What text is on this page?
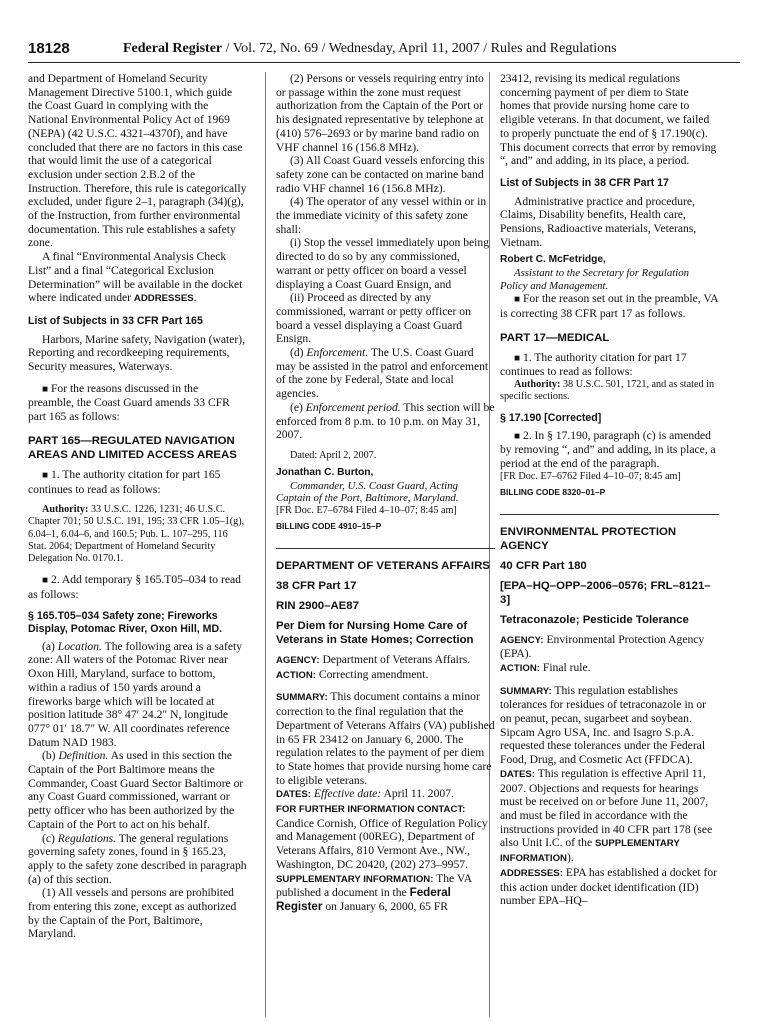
18128	Federal Register / Vol. 72, No. 69 / Wednesday, April 11, 2007 / Rules and Regulations

and Department of Homeland Security Management Directive 5100.1, which guide the Coast Guard in complying with the National Environmental Policy Act of 1969 (NEPA) (42 U.S.C. 4321–4370f), and have concluded that there are no factors in this case that would limit the use of a categorical exclusion under section 2.B.2 of the Instruction. Therefore, this rule is categorically excluded, under figure 2–1, paragraph (34)(g), of the Instruction, from further environmental documentation. This rule establishes a safety zone.

A final “Environmental Analysis Check List” and a final “Categorical Exclusion Determination” will be available in the docket where indicated under ADDRESSES.

List of Subjects in 33 CFR Part 165

Harbors, Marine safety, Navigation (water), Reporting and recordkeeping requirements, Security measures, Waterways.

■ For the reasons discussed in the preamble, the Coast Guard amends 33 CFR part 165 as follows:

PART 165—REGULATED NAVIGATION AREAS AND LIMITED ACCESS AREAS

■ 1. The authority citation for part 165 continues to read as follows:

Authority: 33 U.S.C. 1226, 1231; 46 U.S.C. Chapter 701; 50 U.S.C. 191, 195; 33 CFR 1.05–1(g), 6.04–1, 6.04–6, and 160.5; Pub. L. 107–295, 116 Stat. 2064; Department of Homeland Security Delegation No. 0170.1.

■ 2. Add temporary § 165.T05–034 to read as follows:

§ 165.T05–034 Safety zone; Fireworks Display, Potomac River, Oxon Hill, MD.

(a) Location. The following area is a safety zone: All waters of the Potomac River near Oxon Hill, Maryland, surface to bottom, within a radius of 150 yards around a fireworks barge which will be located at position latitude 38° 47′ 24.2″ N, longitude 077° 01′ 18.7″ W. All coordinates reference Datum NAD 1983.

(b) Definition. As used in this section the Captain of the Port Baltimore means the Commander, Coast Guard Sector Baltimore or any Coast Guard commissioned, warrant or petty officer who has been authorized by the Captain of the Port to act on his behalf.

(c) Regulations. The general regulations governing safety zones, found in § 165.23, apply to the safety zone described in paragraph (a) of this section.

(1) All vessels and persons are prohibited from entering this zone, except as authorized by the Captain of the Port, Baltimore, Maryland.

(2) Persons or vessels requiring entry into or passage within the zone must request authorization from the Captain of the Port or his designated representative by telephone at (410) 576–2693 or by marine band radio on VHF channel 16 (156.8 MHz).

(3) All Coast Guard vessels enforcing this safety zone can be contacted on marine band radio VHF channel 16 (156.8 MHz).

(4) The operator of any vessel within or in the immediate vicinity of this safety zone shall:

(i) Stop the vessel immediately upon being directed to do so by any commissioned, warrant or petty officer on board a vessel displaying a Coast Guard Ensign, and

(ii) Proceed as directed by any commissioned, warrant or petty officer on board a vessel displaying a Coast Guard Ensign.

(d) Enforcement. The U.S. Coast Guard may be assisted in the patrol and enforcement of the zone by Federal, State and local agencies.

(e) Enforcement period. This section will be enforced from 8 p.m. to 10 p.m. on May 31, 2007.

Dated: April 2, 2007.

Jonathan C. Burton,

Commander, U.S. Coast Guard, Acting Captain of the Port, Baltimore, Maryland.

[FR Doc. E7–6784 Filed 4–10–07; 8:45 am]

BILLING CODE 4910–15–P

DEPARTMENT OF VETERANS AFFAIRS

38 CFR Part 17

RIN 2900–AE87

Per Diem for Nursing Home Care of Veterans in State Homes; Correction

AGENCY: Department of Veterans Affairs.

ACTION: Correcting amendment.

SUMMARY: This document contains a minor correction to the final regulation that the Department of Veterans Affairs (VA) published in 65 FR 23412 on January 6, 2000. The regulation relates to the payment of per diem to State homes that provide nursing home care to eligible veterans.

DATES: Effective date: April 11. 2007.

FOR FURTHER INFORMATION CONTACT: Candice Cornish, Office of Regulation Policy and Management (00REG), Department of Veterans Affairs, 810 Vermont Ave., NW., Washington, DC 20420, (202) 273–9957.

SUPPLEMENTARY INFORMATION: The VA published a document in the Federal Register on January 6, 2000, 65 FR

23412, revising its medical regulations concerning payment of per diem to State homes that provide nursing home care to eligible veterans. In that document, we failed to properly punctuate the end of § 17.190(c). This document corrects that error by removing “, and” and adding, in its place, a period.

List of Subjects in 38 CFR Part 17

Administrative practice and procedure, Claims, Disability benefits, Health care, Pensions, Radioactive materials, Veterans, Vietnam.

Robert C. McFetridge,

Assistant to the Secretary for Regulation Policy and Management.

■ For the reason set out in the preamble, VA is correcting 38 CFR part 17 as follows.

PART 17—MEDICAL

■ 1. The authority citation for part 17 continues to read as follows:

Authority: 38 U.S.C. 501, 1721, and as stated in specific sections.

§ 17.190 [Corrected]

■ 2. In § 17.190, paragraph (c) is amended by removing “, and” and adding, in its place, a period at the end of the paragraph.

[FR Doc. E7–6762 Filed 4–10–07; 8:45 am]

BILLING CODE 8320–01–P

ENVIRONMENTAL PROTECTION AGENCY

40 CFR Part 180

[EPA–HQ–OPP–2006–0576; FRL–8121–3]

Tetraconazole; Pesticide Tolerance

AGENCY: Environmental Protection Agency (EPA).

ACTION: Final rule.

SUMMARY: This regulation establishes tolerances for residues of tetraconazole in or on peanut, pecan, sugarbeet and soybean. Sipcam Agro USA, Inc. and Isagro S.p.A. requested these tolerances under the Federal Food, Drug, and Cosmetic Act (FFDCA).

DATES: This regulation is effective April 11, 2007. Objections and requests for hearings must be received on or before June 11, 2007, and must be filed in accordance with the instructions provided in 40 CFR part 178 (see also Unit I.C. of the SUPPLEMENTARY INFORMATION).

ADDRESSES: EPA has established a docket for this action under docket identification (ID) number EPA–HQ–
